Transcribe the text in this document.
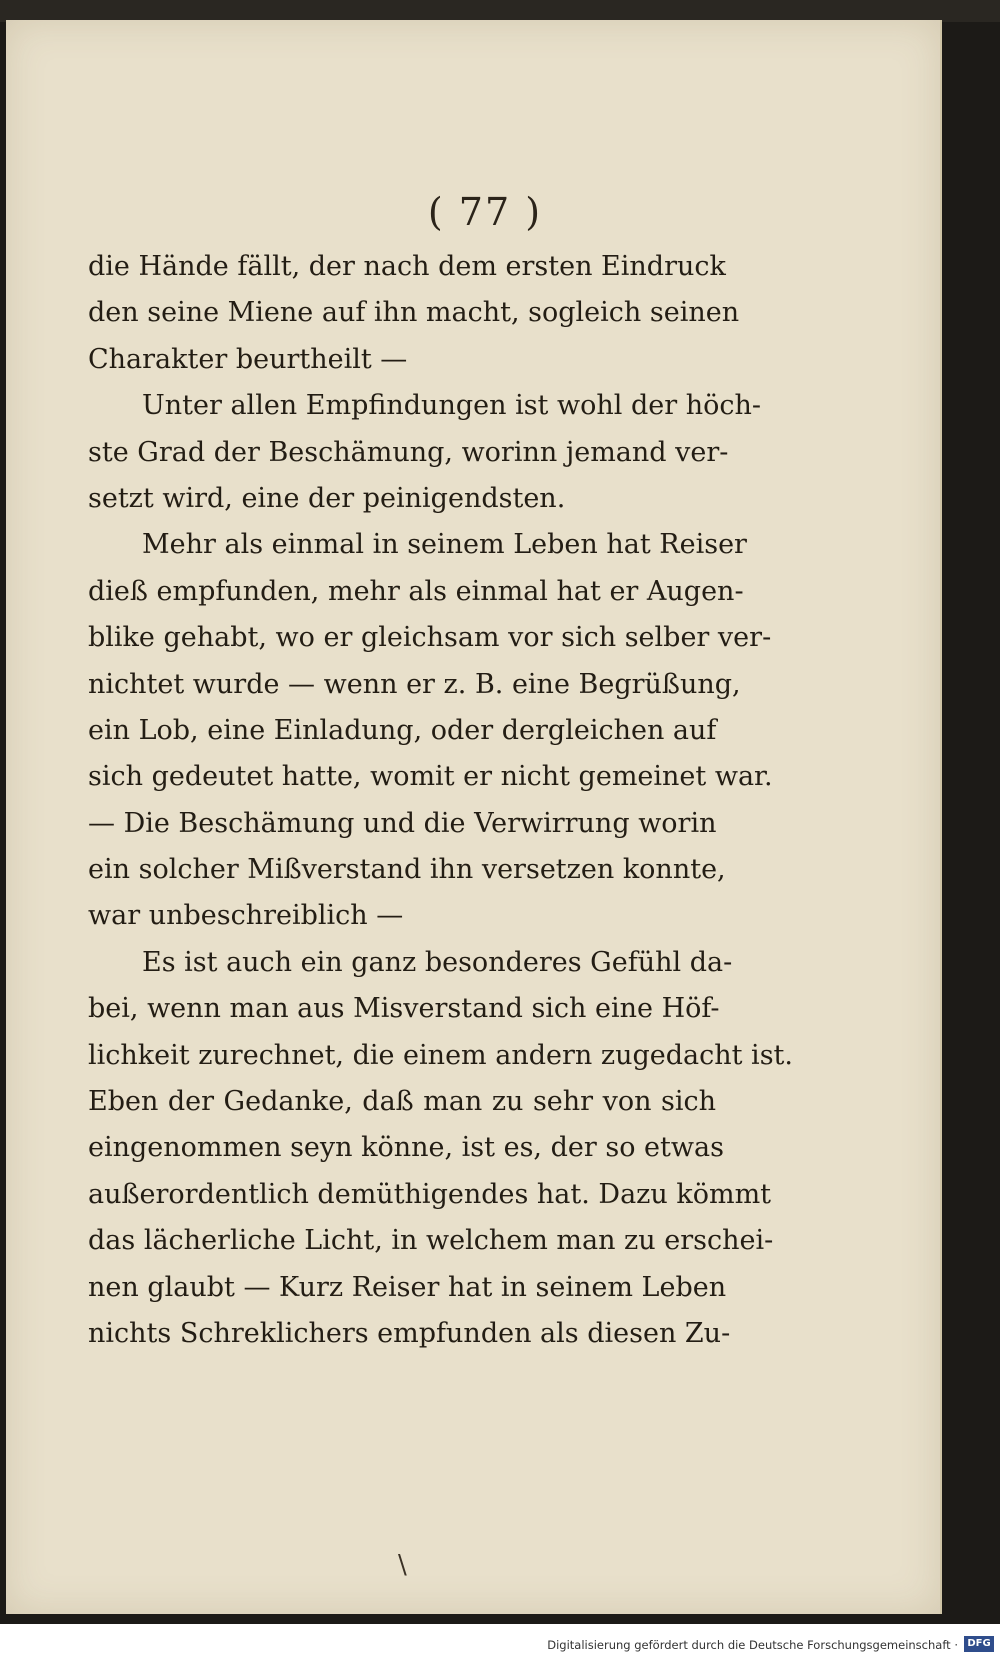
( 77 )
die Hände fällt, der nach dem ersten Eindruck
den seine Miene auf ihn macht, sogleich seinen
Charakter beurtheilt —
Unter allen Empfindungen ist wohl der höch-
ste Grad der Beschämung, worinn jemand ver-
setzt wird, eine der peinigendsten.
Mehr als einmal in seinem Leben hat Reiser
dieß empfunden, mehr als einmal hat er Augen-
blike gehabt, wo er gleichsam vor sich selber ver-
nichtet wurde — wenn er z. B. eine Begrüßung,
ein Lob, eine Einladung, oder dergleichen auf
sich gedeutet hatte, womit er nicht gemeinet war.
— Die Beschämung und die Verwirrung worin
ein solcher Mißverstand ihn versetzen konnte,
war unbeschreiblich —
Es ist auch ein ganz besonderes Gefühl da-
bei, wenn man aus Misverstand sich eine Höf-
lichkeit zurechnet, die einem andern zugedacht ist.
Eben der Gedanke, daß man zu sehr von sich
eingenommen seyn könne, ist es, der so etwas
außerordentlich demüthigendes hat. Dazu kömmt
das lächerliche Licht, in welchem man zu erschei-
nen glaubt — Kurz Reiser hat in seinem Leben
nichts Schreklichers empfunden als diesen Zu-
\
Digitalisierung gefördert durch die Deutsche Forschungsgemeinschaft · DFG
